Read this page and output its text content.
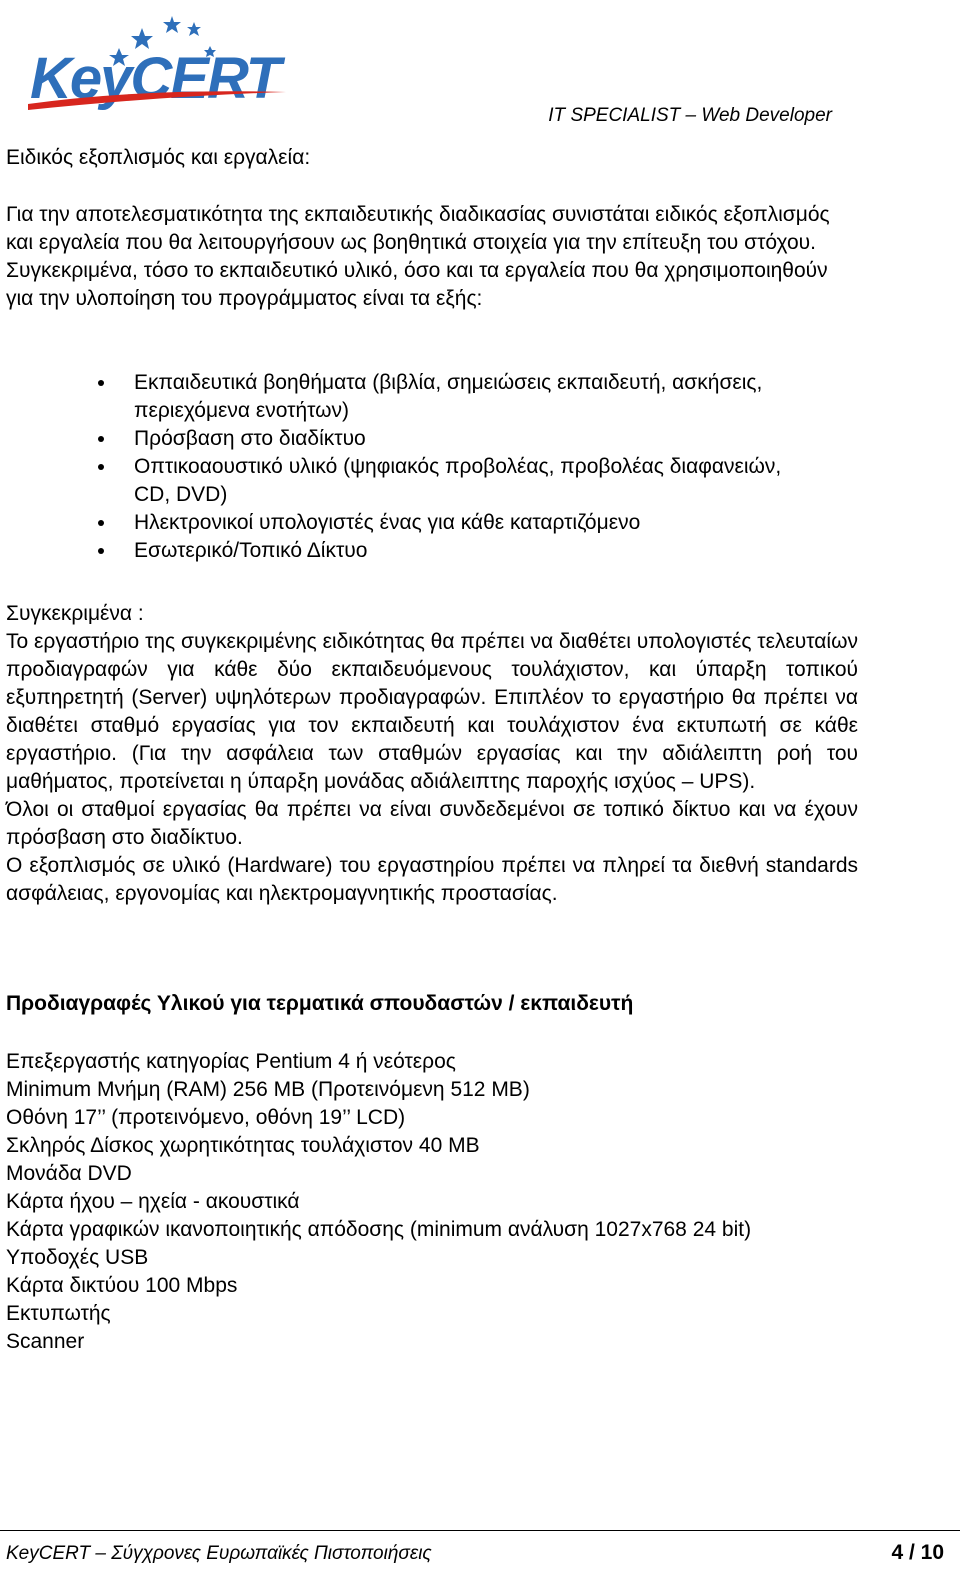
KeyCERT
IT SPECIALIST – Web Developer
Ειδικός εξοπλισμός και εργαλεία:
Για την αποτελεσματικότητα της εκπαιδευτικής διαδικασίας συνιστάται ειδικός εξοπλισμός και εργαλεία που θα λειτουργήσουν ως βοηθητικά στοιχεία για την επίτευξη του στόχου.
Συγκεκριμένα, τόσο το εκπαιδευτικό υλικό, όσο και τα εργαλεία που θα χρησιμοποιηθούν για την υλοποίηση του προγράμματος είναι τα εξής:
Εκπαιδευτικά βοηθήματα (βιβλία, σημειώσεις εκπαιδευτή, ασκήσεις, περιεχόμενα ενοτήτων)
Πρόσβαση στο διαδίκτυο
Οπτικοαουστικό υλικό (ψηφιακός προβολέας, προβολέας διαφανειών, CD, DVD)
Ηλεκτρονικοί υπολογιστές ένας για κάθε καταρτιζόμενο
Εσωτερικό/Τοπικό Δίκτυο
Συγκεκριμένα :
Το εργαστήριο της συγκεκριμένης ειδικότητας θα πρέπει να διαθέτει υπολογιστές τελευταίων προδιαγραφών για κάθε δύο εκπαιδευόμενους τουλάχιστον, και ύπαρξη τοπικού εξυπηρετητή (Server) υψηλότερων προδιαγραφών. Επιπλέον το εργαστήριο θα πρέπει να διαθέτει σταθμό εργασίας για τον εκπαιδευτή και τουλάχιστον ένα εκτυπωτή σε κάθε εργαστήριο. (Για την ασφάλεια των σταθμών εργασίας και την αδιάλειπτη ροή του μαθήματος, προτείνεται η ύπαρξη μονάδας αδιάλειπτης παροχής ισχύος – UPS).
Όλοι οι σταθμοί εργασίας θα πρέπει να είναι συνδεδεμένοι σε τοπικό δίκτυο και να έχουν πρόσβαση στο διαδίκτυο.
Ο εξοπλισμός σε υλικό (Hardware) του εργαστηρίου πρέπει να πληρεί τα διεθνή standards ασφάλειας, εργονομίας και ηλεκτρομαγνητικής προστασίας.
Προδιαγραφές Υλικού για τερματικά σπουδαστών / εκπαιδευτή
Επεξεργαστής κατηγορίας Pentium 4 ή νεότερος
Minimum Μνήμη (RAM) 256 MB (Προτεινόμενη 512 MB)
Οθόνη 17’’ (προτεινόμενο, οθόνη 19’’ LCD)
Σκληρός Δίσκος χωρητικότητας τουλάχιστον 40 MB
Μονάδα DVD
Κάρτα ήχου – ηχεία - ακουστικά
Κάρτα γραφικών ικανοποιητικής απόδοσης (minimum ανάλυση 1027x768 24 bit)
Υποδοχές USB
Κάρτα δικτύου 100 Mbps
Εκτυπωτής
Scanner
KeyCERT – Σύγχρονες Ευρωπαϊκές Πιστοποιήσεις	4 / 10
